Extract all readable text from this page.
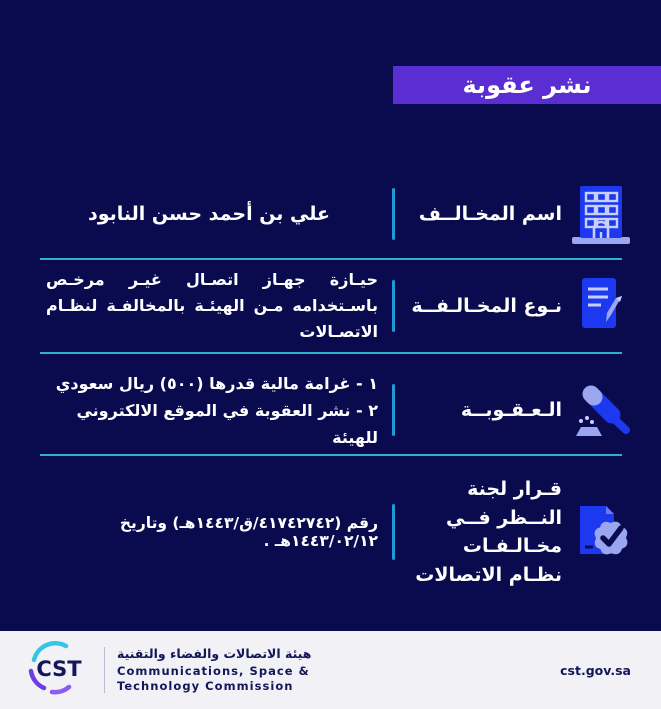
نشر عقوبة
اسم المخـالــف
علي بن أحمد حسن النابود
نـوع المخـالـفــة
حيـازة جهـاز اتصـال غيـر مرخـص باسـتخدامه مـن الهيئـة بالمخالفـة لنظـام الاتصـالات
الـعـقـوبــة
١ - غرامة مالية قدرها (٥٠٠) ريال سعودي
٢ - نشر العقوبة في الموقع الالكتروني للهيئة
قـرار لجنة النــظر فــي مخـالـفـات نظـام الاتصالات
رقم (٤١٧٤٢٧٤٢/ق/١٤٤٣هـ) وتاريخ ١٤٤٣/٠٢/١٢هـ .
CST
هيئة الاتصالات والفضاء والتقنية
Communications, Space &
Technology Commission
cst.gov.sa
